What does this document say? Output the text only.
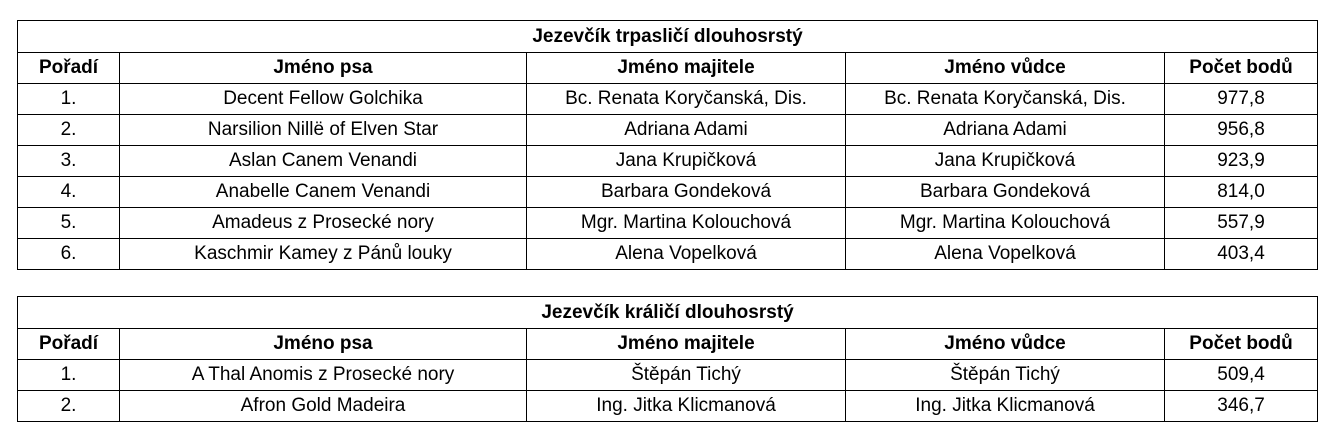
Jezevčík trpasličí dlouhosrstý				
Pořadí	Jméno psa	Jméno majitele	Jméno vůdce	Počet bodů
1.	Decent Fellow Golchika	Bc. Renata Koryčanská, Dis.	Bc. Renata Koryčanská, Dis.	977,8
2.	Narsilion Nillë of Elven Star	Adriana Adami	Adriana Adami	956,8
3.	Aslan Canem Venandi	Jana Krupičková	Jana Krupičková	923,9
4.	Anabelle Canem Venandi	Barbara Gondeková	Barbara Gondeková	814,0
5.	Amadeus z Prosecké nory	Mgr. Martina Kolouchová	Mgr. Martina Kolouchová	557,9
6.	Kaschmir Kamey z Pánů louky	Alena Vopelková	Alena Vopelková	403,4
Jezevčík králičí dlouhosrstý				
Pořadí	Jméno psa	Jméno majitele	Jméno vůdce	Počet bodů
1.	A Thal Anomis z Prosecké nory	Štěpán Tichý	Štěpán Tichý	509,4
2.	Afron Gold Madeira	Ing. Jitka Klicmanová	Ing. Jitka Klicmanová	346,7
